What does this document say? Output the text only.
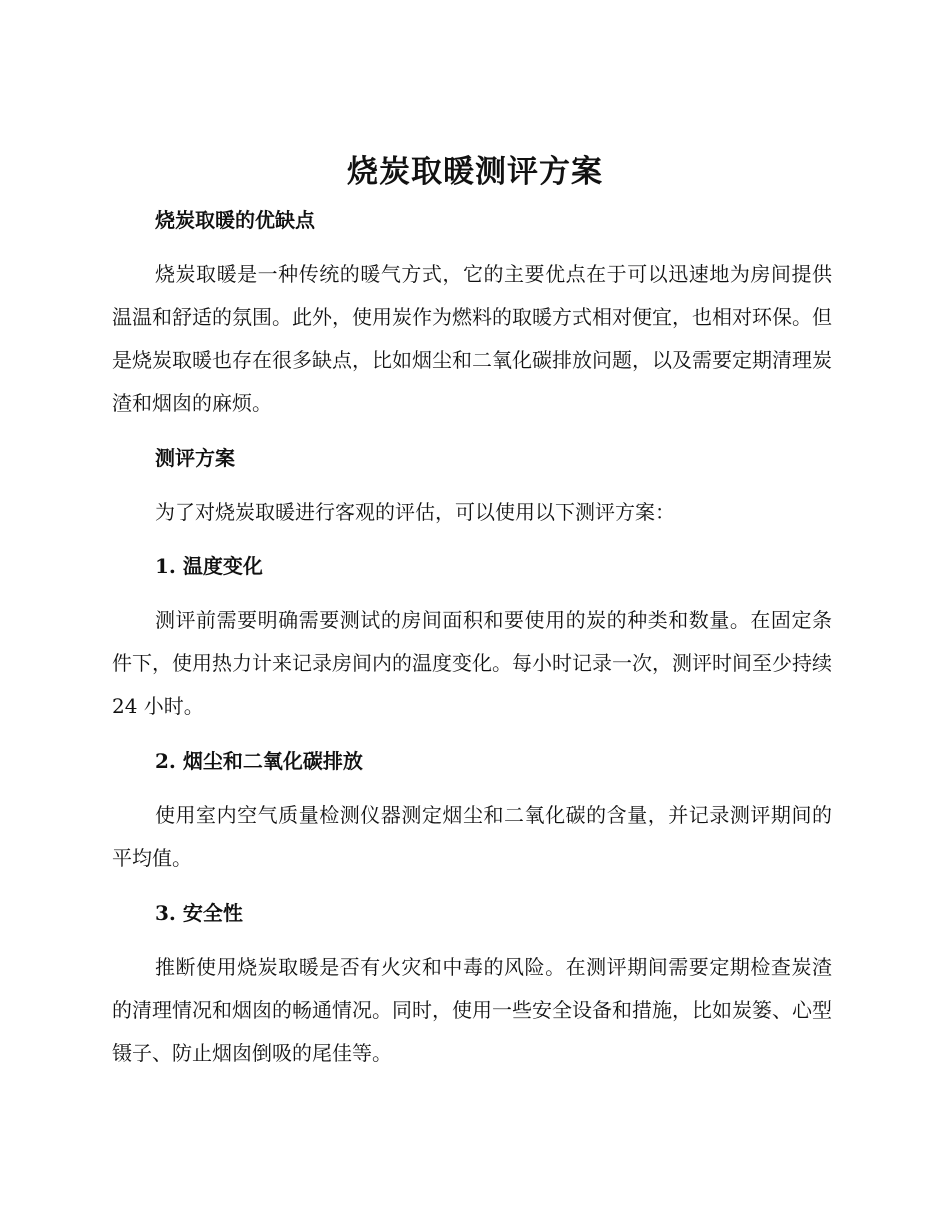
烧炭取暖测评方案

烧炭取暖的优缺点

烧炭取暖是一种传统的暖气方式，它的主要优点在于可以迅速地为房间提供温温和舒适的氛围。此外，使用炭作为燃料的取暖方式相对便宜，也相对环保。但是烧炭取暖也存在很多缺点，比如烟尘和二氧化碳排放问题，以及需要定期清理炭渣和烟囱的麻烦。

测评方案

为了对烧炭取暖进行客观的评估，可以使用以下测评方案：

1. 温度变化

测评前需要明确需要测试的房间面积和要使用的炭的种类和数量。在固定条件下，使用热力计来记录房间内的温度变化。每小时记录一次，测评时间至少持续 24 小时。

2. 烟尘和二氧化碳排放

使用室内空气质量检测仪器测定烟尘和二氧化碳的含量，并记录测评期间的平均值。

3. 安全性

推断使用烧炭取暖是否有火灾和中毒的风险。在测评期间需要定期检查炭渣的清理情况和烟囱的畅通情况。同时，使用一些安全设备和措施，比如炭篓、心型镊子、防止烟囱倒吸的尾佳等。
